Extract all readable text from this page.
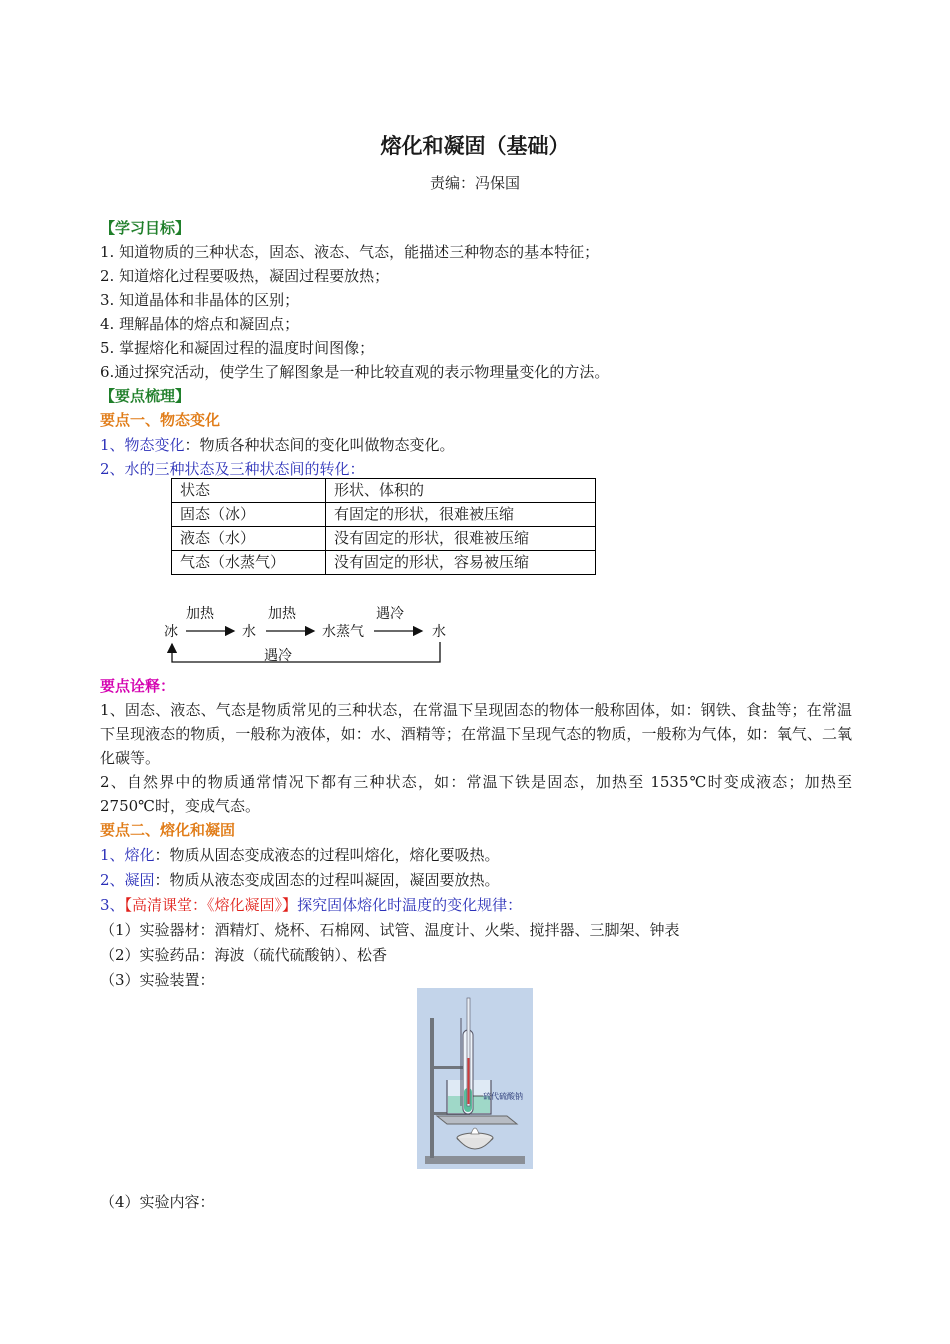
熔化和凝固（基础）
责编：冯保国
【学习目标】
1. 知道物质的三种状态，固态、液态、气态，能描述三种物态的基本特征；
2. 知道熔化过程要吸热，凝固过程要放热；
3. 知道晶体和非晶体的区别；
4. 理解晶体的熔点和凝固点；
5. 掌握熔化和凝固过程的温度时间图像；
6.通过探究活动，使学生了解图象是一种比较直观的表示物理量变化的方法。
【要点梳理】
要点一、物态变化
1、物态变化：物质各种状态间的变化叫做物态变化。
2、水的三种状态及三种状态间的转化：
状态	形状、体积的
固态（冰）	有固定的形状，很难被压缩
液态（水）	没有固定的形状，很难被压缩
气态（水蒸气）	没有固定的形状，容易被压缩
冰
加热
水
加热
水蒸气
遇冷
水
遇冷
要点诠释：
1、固态、液态、气态是物质常见的三种状态，在常温下呈现固态的物体一般称固体，如：钢铁、食盐等；在常温下呈现液态的物质，一般称为液体，如：水、酒精等；在常温下呈现气态的物质，一般称为气体，如：氧气、二氧化碳等。
2、自然界中的物质通常情况下都有三种状态，如：常温下铁是固态，加热至 1535℃时变成液态；加热至 2750℃时，变成气态。
要点二、熔化和凝固
1、熔化：物质从固态变成液态的过程叫熔化，熔化要吸热。
2、凝固：物质从液态变成固态的过程叫凝固，凝固要放热。
3、【高清课堂：《熔化凝固》】探究固体熔化时温度的变化规律：
（1）实验器材：酒精灯、烧杯、石棉网、试管、温度计、火柴、搅拌器、三脚架、钟表
（2）实验药品：海波（硫代硫酸钠）、松香
（3）实验装置：
硫代硫酸钠
（4）实验内容：
